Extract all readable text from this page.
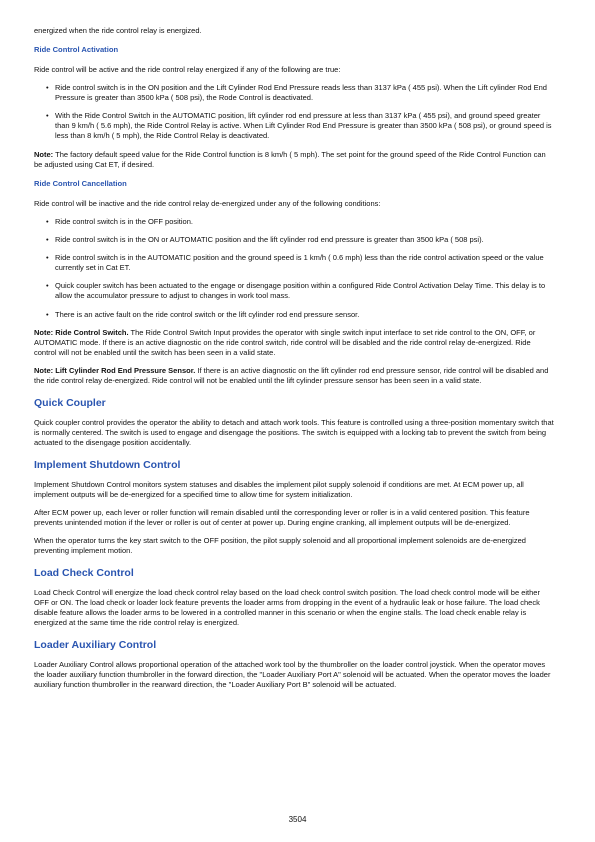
energized when the ride control relay is energized.

Ride Control Activation

Ride control will be active and the ride control relay energized if any of the following are true:

• Ride control switch is in the ON position and the Lift Cylinder Rod End Pressure reads less than 3137 kPa ( 455 psi). When the Lift cylinder Rod End Pressure is greater than 3500 kPa ( 508 psi), the Rode Control is deactivated.
• With the Ride Control Switch in the AUTOMATIC position, lift cylinder rod end pressure at less than 3137 kPa ( 455 psi), and ground speed greater than 9 km/h ( 5.6 mph), the Ride Control Relay is active. When Lift Cylinder Rod End Pressure is greater than 3500 kPa ( 508 psi), or ground speed is less than 8 km/h ( 5 mph), the Ride Control Relay is deactivated.

Note: The factory default speed value for the Ride Control function is 8 km/h ( 5 mph). The set point for the ground speed of the Ride Control Function can be adjusted using Cat ET, if desired.

Ride Control Cancellation

Ride control will be inactive and the ride control relay de-energized under any of the following conditions:

• Ride control switch is in the OFF position.
• Ride control switch is in the ON or AUTOMATIC position and the lift cylinder rod end pressure is greater than 3500 kPa ( 508 psi).
• Ride control switch is in the AUTOMATIC position and the ground speed is 1 km/h ( 0.6 mph) less than the ride control activation speed or the value currently set in Cat ET.
• Quick coupler switch has been actuated to the engage or disengage position within a configured Ride Control Activation Delay Time. This delay is to allow the accumulator pressure to adjust to changes in work tool mass.
• There is an active fault on the ride control switch or the lift cylinder rod end pressure sensor.

Note: Ride Control Switch. The Ride Control Switch Input provides the operator with single switch input interface to set ride control to the ON, OFF, or AUTOMATIC mode. If there is an active diagnostic on the ride control switch, ride control will be disabled and the ride control relay de-energized. Ride control will not be enabled until the switch has been seen in a valid state.

Note: Lift Cylinder Rod End Pressure Sensor. If there is an active diagnostic on the lift cylinder rod end pressure sensor, ride control will be disabled and the ride control relay de-energized. Ride control will not be enabled until the lift cylinder pressure sensor has been seen in a valid state.

Quick Coupler

Quick coupler control provides the operator the ability to detach and attach work tools. This feature is controlled using a three-position momentary switch that is normally centered. The switch is used to engage and disengage the positions. The switch is equipped with a locking tab to prevent the switch from being actuated to the disengage position accidentally.

Implement Shutdown Control

Implement Shutdown Control monitors system statuses and disables the implement pilot supply solenoid if conditions are met. At ECM power up, all implement outputs will be de-energized for a specified time to allow time for system initialization.

After ECM power up, each lever or roller function will remain disabled until the corresponding lever or roller is in a valid centered position. This feature prevents unintended motion if the lever or roller is out of center at power up. During engine cranking, all implement outputs will be de-energized.

When the operator turns the key start switch to the OFF position, the pilot supply solenoid and all proportional implement solenoids are de-energized preventing implement motion.

Load Check Control

Load Check Control will energize the load check control relay based on the load check control switch position. The load check control mode will be either OFF or ON. The load check or loader lock feature prevents the loader arms from dropping in the event of a hydraulic leak or hose failure. The load check disable feature allows the loader arms to be lowered in a controlled manner in this scenario or when the engine stalls. The load check enable relay is energized at the same time the ride control relay is energized.

Loader Auxiliary Control

Loader Auxiliary Control allows proportional operation of the attached work tool by the thumbroller on the loader control joystick. When the operator moves the loader auxiliary function thumbroller in the forward direction, the "Loader Auxiliary Port A" solenoid will be actuated. When the operator moves the loader auxiliary function thumbroller in the rearward direction, the "Loader Auxiliary Port B" solenoid will be actuated.

3504
